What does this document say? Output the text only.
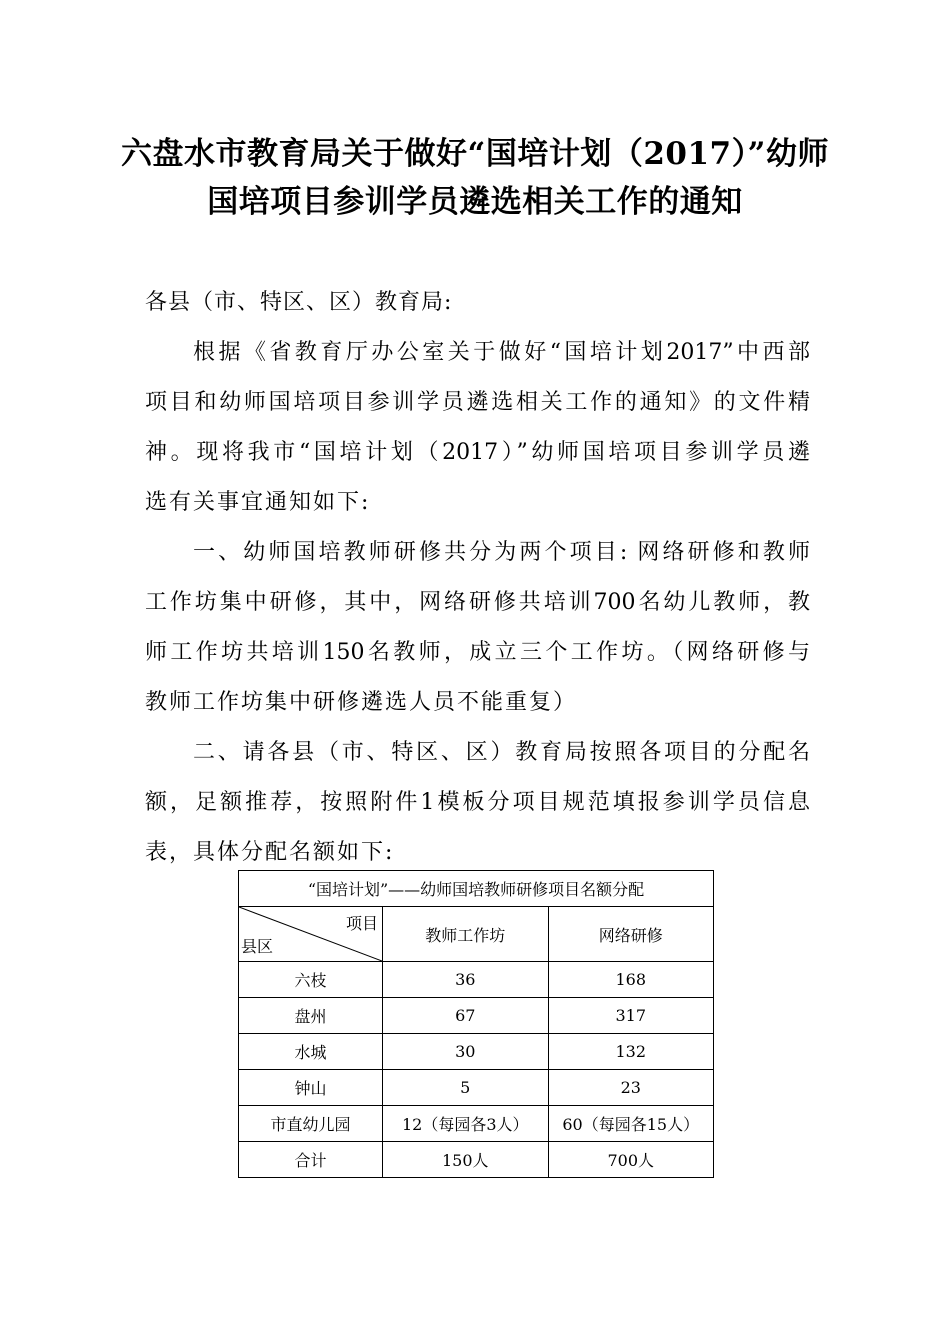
六盘水市教育局关于做好“国培计划（2017）”幼师
国培项目参训学员遴选相关工作的通知
各县（市、特区、区）教育局:
根据《省教育厅办公室关于做好“国培计划2017”中西部
项目和幼师国培项目参训学员遴选相关工作的通知》的文件精
神。现将我市“国培计划（2017）”幼师国培项目参训学员遴
选有关事宜通知如下:
一、幼师国培教师研修共分为两个项目: 网络研修和教师
工作坊集中研修，其中，网络研修共培训700名幼儿教师，教
师工作坊共培训150名教师，成立三个工作坊。（网络研修与
教师工作坊集中研修遴选人员不能重复）
二、请各县（市、特区、区）教育局按照各项目的分配名
额，足额推荐，按照附件1模板分项目规范填报参训学员信息
表，具体分配名额如下:
“国培计划”——幼师国培教师研修项目名额分配		

项目
县区	教师工作坊	网络研修
六枝	36	168
盘州	67	317
水城	30	132
钟山	5	23
市直幼儿园	12（每园各3人）	60（每园各15人）
合计	150人	700人
